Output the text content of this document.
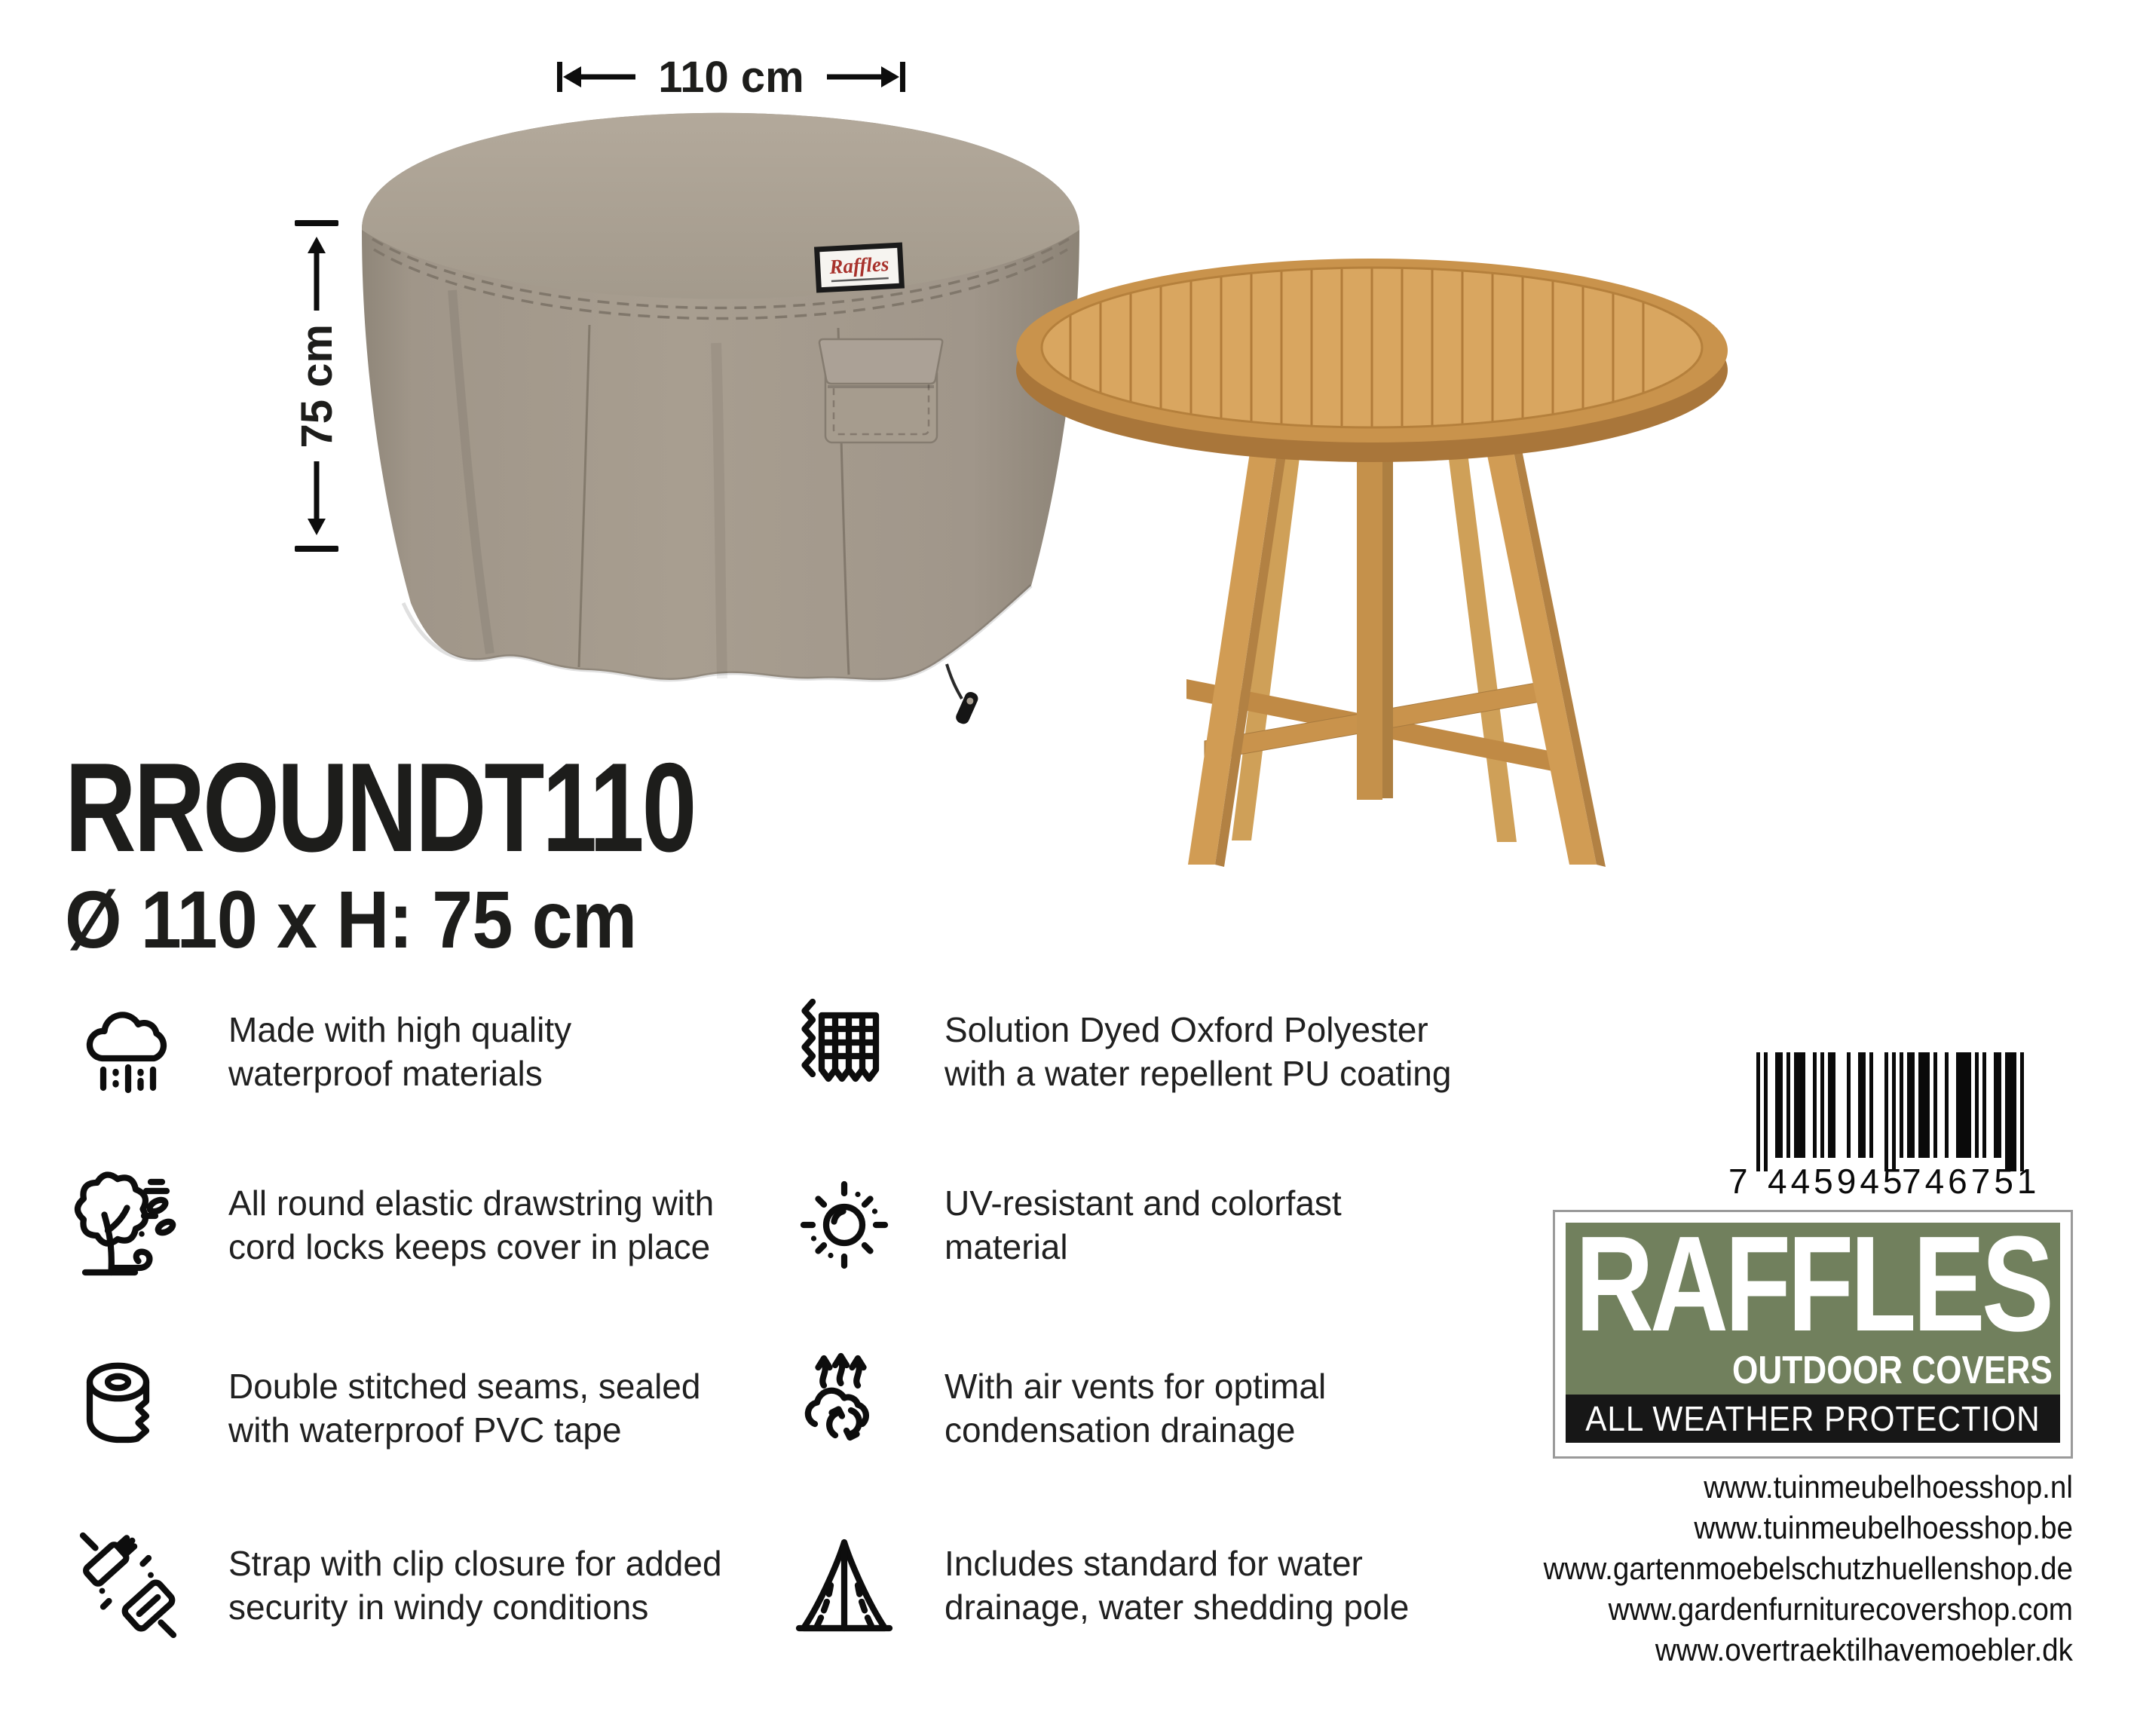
110 cm
75 cm
Raffles
RROUNDT110
Ø 110 x H: 75 cm
Made with high quality
waterproof materials
All round elastic drawstring with
cord locks keeps cover in place
Double stitched seams, sealed
with waterproof PVC tape
Strap with clip closure for added
security in windy conditions
Solution Dyed Oxford Polyester
with a water repellent PU coating
UV-resistant and colorfast
material
With air vents for optimal
condensation drainage
Includes standard for water
drainage, water shedding pole
7 445945
746751
RAFFLES
OUTDOOR COVERS
ALL WEATHER PROTECTION
www.tuinmeubelhoesshop.nl
www.tuinmeubelhoesshop.be
www.gartenmoebelschutzhuellenshop.de
www.gardenfurniturecovershop.com
www.overtraektilhavemoebler.dk
